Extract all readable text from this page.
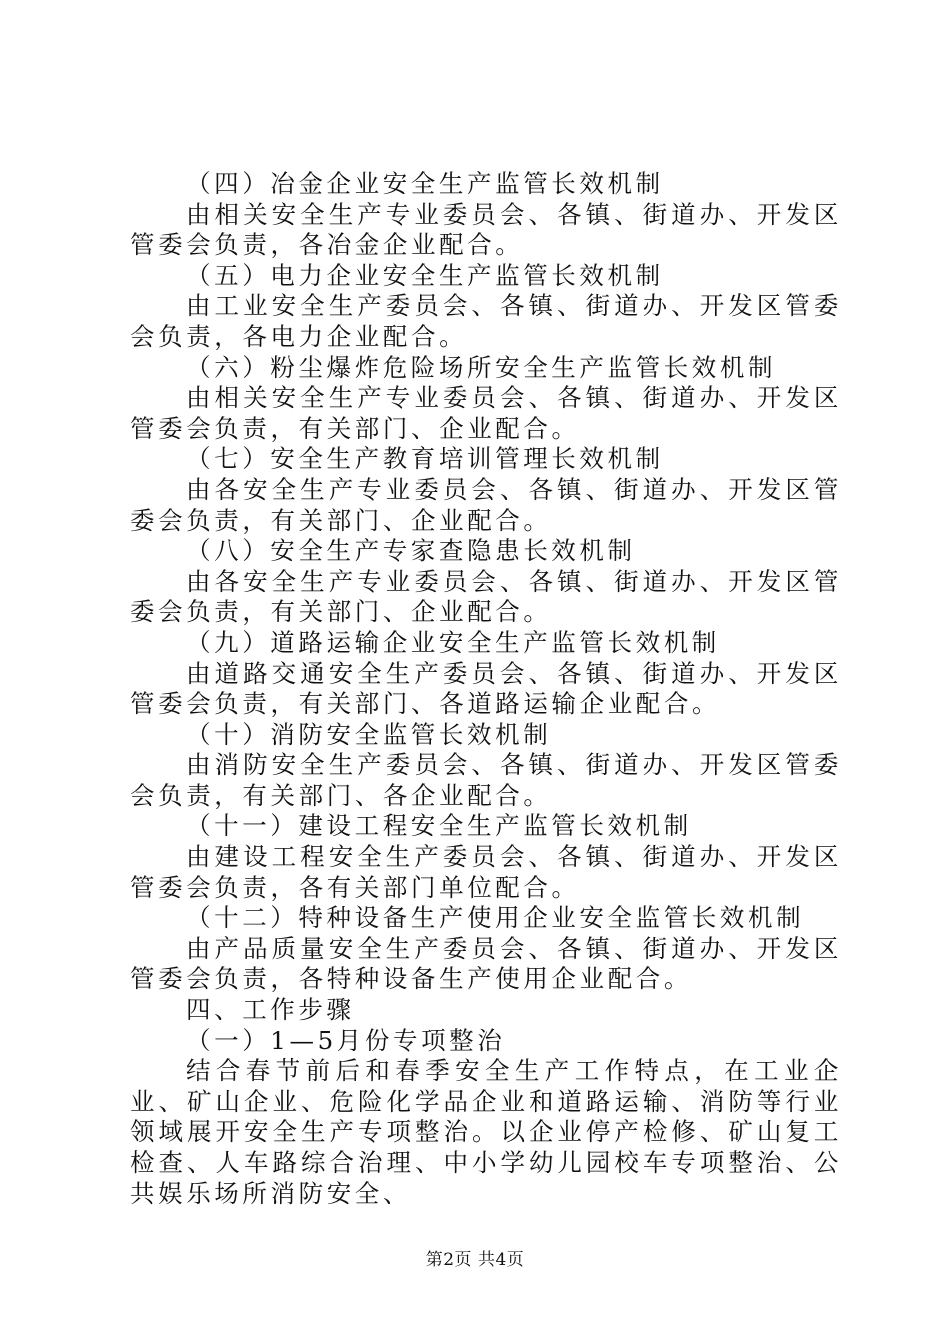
（四）冶金企业安全生产监管长效机制

由相关安全生产专业委员会、各镇、街道办、开发区管委会负责，各冶金企业配合。

（五）电力企业安全生产监管长效机制

由工业安全生产委员会、各镇、街道办、开发区管委会负责，各电力企业配合。

（六）粉尘爆炸危险场所安全生产监管长效机制

由相关安全生产专业委员会、各镇、街道办、开发区管委会负责，有关部门、企业配合。

（七）安全生产教育培训管理长效机制

由各安全生产专业委员会、各镇、街道办、开发区管委会负责，有关部门、企业配合。

（八）安全生产专家查隐患长效机制

由各安全生产专业委员会、各镇、街道办、开发区管委会负责，有关部门、企业配合。

（九）道路运输企业安全生产监管长效机制

由道路交通安全生产委员会、各镇、街道办、开发区管委会负责，有关部门、各道路运输企业配合。

（十）消防安全监管长效机制

由消防安全生产委员会、各镇、街道办、开发区管委会负责，有关部门、各企业配合。

（十一）建设工程安全生产监管长效机制

由建设工程安全生产委员会、各镇、街道办、开发区管委会负责，各有关部门单位配合。

（十二）特种设备生产使用企业安全监管长效机制

由产品质量安全生产委员会、各镇、街道办、开发区管委会负责，各特种设备生产使用企业配合。

四、工作步骤

（一）1—5月份专项整治

结合春节前后和春季安全生产工作特点，在工业企业、矿山企业、危险化学品企业和道路运输、消防等行业领域展开安全生产专项整治。以企业停产检修、矿山复工检查、人车路综合治理、中小学幼儿园校车专项整治、公共娱乐场所消防安全、

第2页 共4页
